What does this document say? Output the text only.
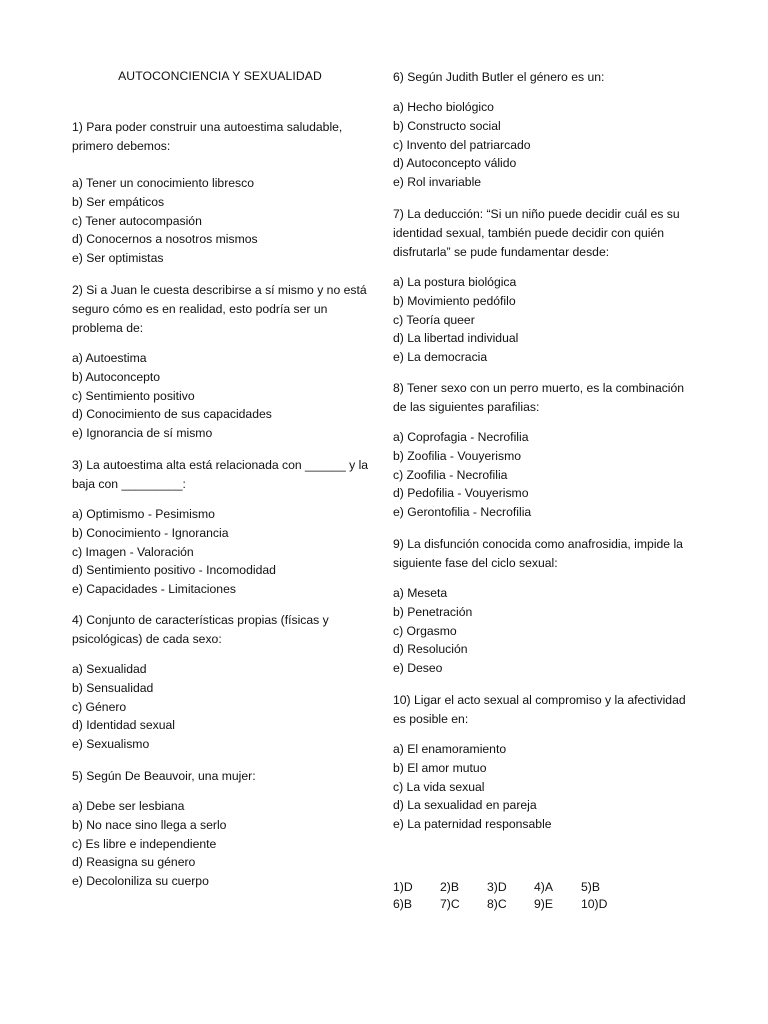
AUTOCONCIENCIA Y SEXUALIDAD

1) Para poder construir una autoestima saludable, primero debemos:

a) Tener un conocimiento libresco
b) Ser empáticos
c) Tener autocompasión
d) Conocernos a nosotros mismos
e) Ser optimistas

2) Si a Juan le cuesta describirse a sí mismo y no está seguro cómo es en realidad, esto podría ser un problema de:

a) Autoestima
b) Autoconcepto
c) Sentimiento positivo
d) Conocimiento de sus capacidades
e) Ignorancia de sí mismo

3) La autoestima alta está relacionada con ______ y la baja con _________:

a) Optimismo - Pesimismo
b) Conocimiento - Ignorancia
c) Imagen - Valoración
d) Sentimiento positivo - Incomodidad
e) Capacidades - Limitaciones

4) Conjunto de características propias (físicas y psicológicas) de cada sexo:

a) Sexualidad
b) Sensualidad
c) Género
d) Identidad sexual
e) Sexualismo

5) Según De Beauvoir, una mujer:

a) Debe ser lesbiana
b) No nace sino llega a serlo
c) Es libre e independiente
d) Reasigna su género
e) Decoloniliza su cuerpo

6) Según Judith Butler el género es un:

a) Hecho biológico
b) Constructo social
c) Invento del patriarcado
d) Autoconcepto válido
e) Rol invariable

7) La deducción: “Si un niño puede decidir cuál es su identidad sexual, también puede decidir con quién disfrutarla” se pude fundamentar desde:

a) La postura biológica
b) Movimiento pedófilo
c) Teoría queer
d) La libertad individual
e) La democracia

8) Tener sexo con un perro muerto, es la combinación de las siguientes parafilias:

a) Coprofagia - Necrofilia
b) Zoofilia - Vouyerismo
c) Zoofilia - Necrofilia
d) Pedofilia - Vouyerismo
e) Gerontofilia - Necrofilia

9) La disfunción conocida como anafrosidia, impide la siguiente fase del ciclo sexual:

a) Meseta
b) Penetración
c) Orgasmo
d) Resolución
e) Deseo

10) Ligar el acto sexual al compromiso y la afectividad es posible en:

a) El enamoramiento
b) El amor mutuo
c) La vida sexual
d) La sexualidad en pareja
e) La paternidad responsable
1)D	2)B	3)D	4)A	5)B
6)B	7)C	8)C	9)E	10)D
